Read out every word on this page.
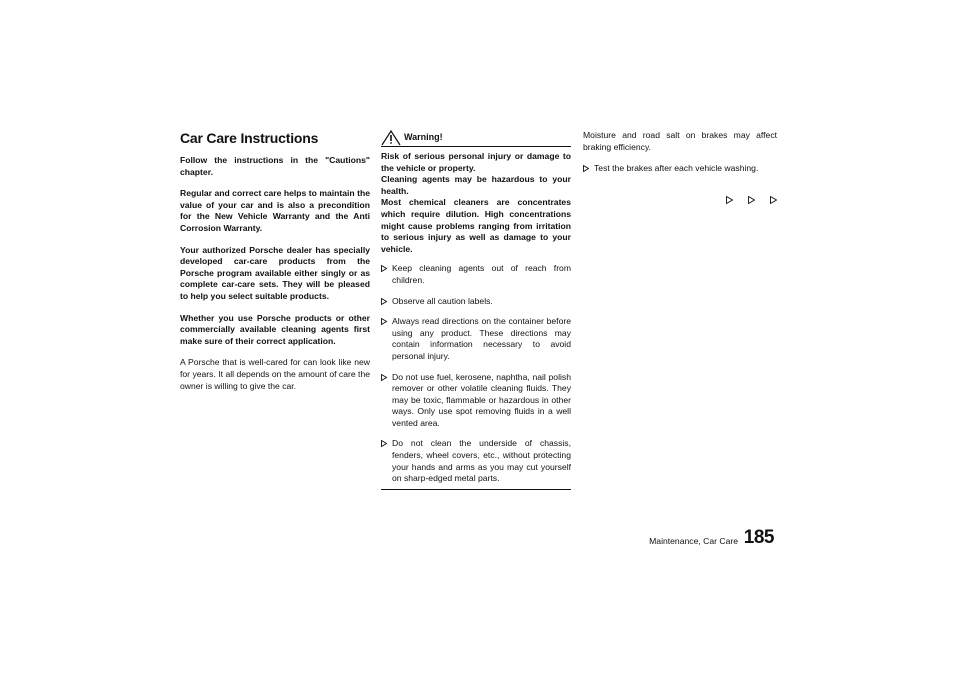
Car Care Instructions

Follow the instructions in the "Cautions" chapter.

Regular and correct care helps to maintain the value of your car and is also a precondition for the New Vehicle Warranty and the Anti Corrosion Warranty.

Your authorized Porsche dealer has specially developed car-care products from the Porsche program available either singly or as complete car-care sets. They will be pleased to help you select suitable products.

Whether you use Porsche products or other commercially available cleaning agents first make sure of their correct application.

A Porsche that is well-cared for can look like new for years. It all depends on the amount of care the owner is willing to give the car.

Warning!

Risk of serious personal injury or damage to the vehicle or property.
Cleaning agents may be hazardous to your health.
Most chemical cleaners are concentrates which require dilution. High concentrations might cause problems ranging from irritation to serious injury as well as damage to your vehicle.

Keep cleaning agents out of reach from children.
Observe all caution labels.
Always read directions on the container before using any product. These directions may contain information necessary to avoid personal injury.
Do not use fuel, kerosene, naphtha, nail polish remover or other volatile cleaning fluids. They may be toxic, flammable or hazardous in other ways. Only use spot removing fluids in a well vented area.
Do not clean the underside of chassis, fenders, wheel covers, etc., without protecting your hands and arms as you may cut yourself on sharp-edged metal parts.

Moisture and road salt on brakes may affect braking efficiency.

Test the brakes after each vehicle washing.
Maintenance, Car Care 185
